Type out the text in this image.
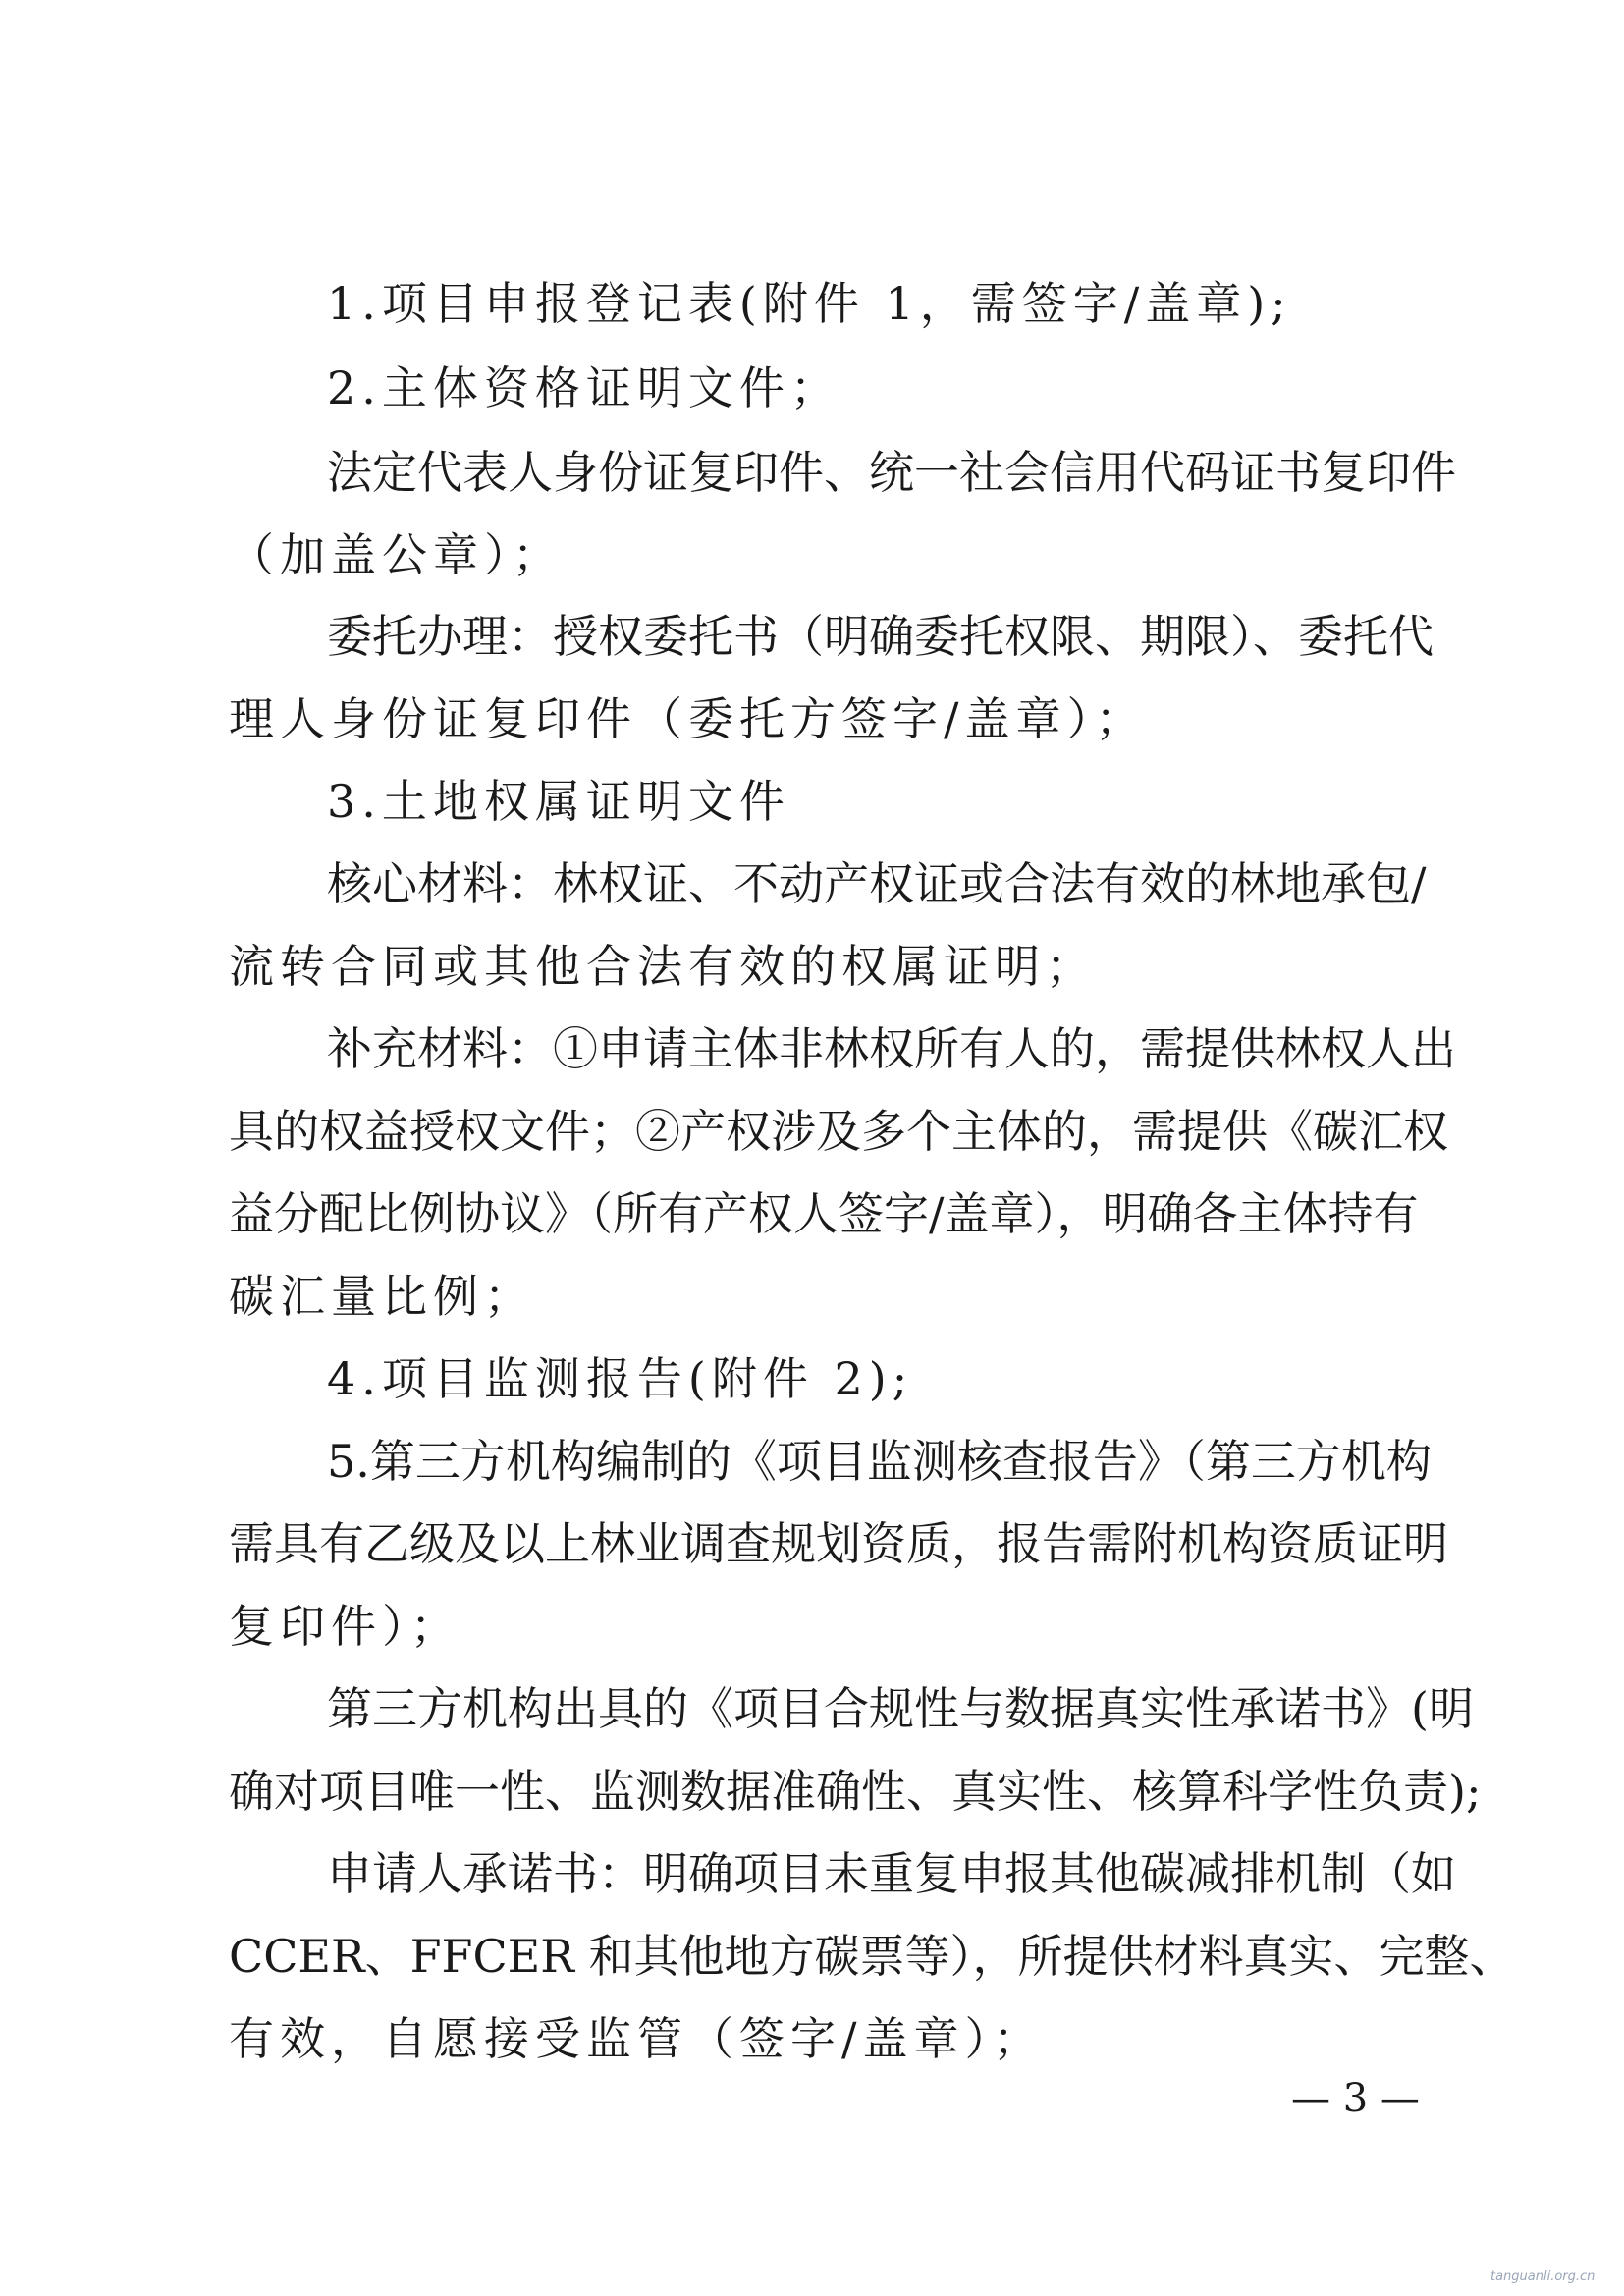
1.项目申报登记表(附件 1，需签字/盖章);
2.主体资格证明文件；
法定代表人身份证复印件、统一社会信用代码证书复印件
（加盖公章）；
委托办理：授权委托书（明确委托权限、期限）、委托代
理人身份证复印件（委托方签字/盖章）；
3.土地权属证明文件
核心材料：林权证、不动产权证或合法有效的林地承包/
流转合同或其他合法有效的权属证明；
补充材料：①申请主体非林权所有人的，需提供林权人出
具的权益授权文件；②产权涉及多个主体的，需提供《碳汇权
益分配比例协议》（所有产权人签字/盖章），明确各主体持有
碳汇量比例；
4.项目监测报告(附件 2);
5.第三方机构编制的《项目监测核查报告》（第三方机构
需具有乙级及以上林业调查规划资质，报告需附机构资质证明
复印件）；
第三方机构出具的《项目合规性与数据真实性承诺书》(明
确对项目唯一性、监测数据准确性、真实性、核算科学性负责);
申请人承诺书：明确项目未重复申报其他碳减排机制（如
CCER、FFCER 和其他地方碳票等），所提供材料真实、完整、
有效，自愿接受监管（签字/盖章）；
— 3 —
tanguanli.org.cn
